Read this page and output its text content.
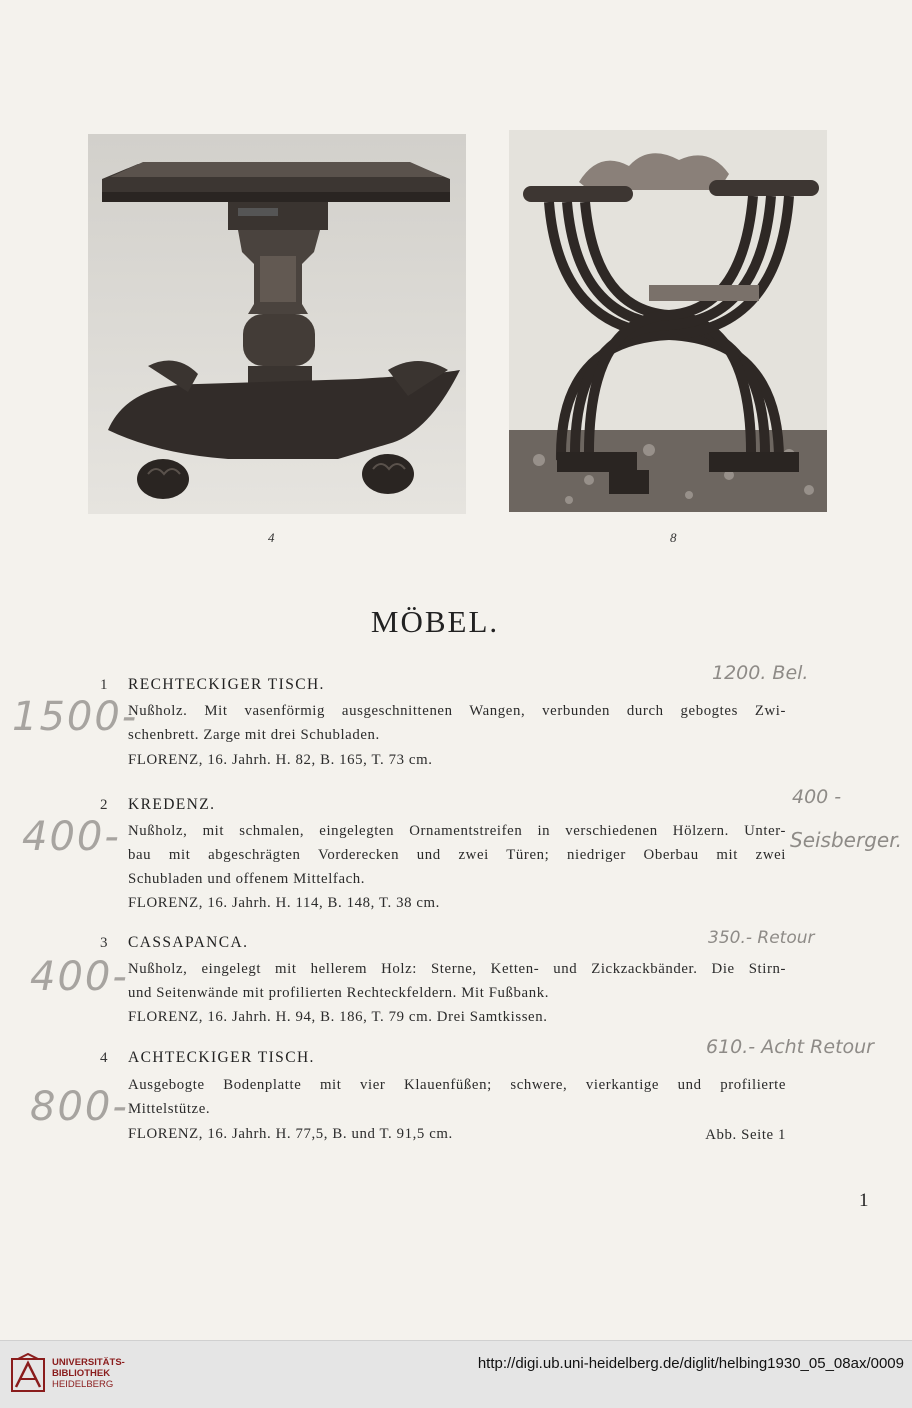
4	8
MÖBEL.
1 RECHTECKIGER TISCH.
Nußholz. Mit vasenförmig ausgeschnittenen Wangen, verbunden durch gebogtes Zwi-
schenbrett. Zarge mit drei Schubladen.
FLORENZ, 16. Jahrh. H. 82, B. 165, T. 73 cm.
1500-
1200. Bel.
2 KREDENZ.
Nußholz, mit schmalen, eingelegten Ornamentstreifen in verschiedenen Hölzern. Unter-
bau mit abgeschrägten Vorderecken und zwei Türen; niedriger Oberbau mit zwei
Schubladen und offenem Mittelfach.
FLORENZ, 16. Jahrh. H. 114, B. 148, T. 38 cm.
400-
400 -
Seisberger.
3 CASSAPANCA.
Nußholz, eingelegt mit hellerem Holz: Sterne, Ketten- und Zickzackbänder. Die Stirn-
und Seitenwände mit profilierten Rechteckfeldern. Mit Fußbank.
FLORENZ, 16. Jahrh. H. 94, B. 186, T. 79 cm. Drei Samtkissen.
400-
350.- Retour
4 ACHTECKIGER TISCH.
Ausgebogte Bodenplatte mit vier Klauenfüßen; schwere, vierkantige und profilierte
Mittelstütze.
FLORENZ, 16. Jahrh. H. 77,5, B. und T. 91,5 cm.	Abb. Seite 1
800-
610.- Acht Retour
1
UNIVERSITÄTS-
BIBLIOTHEK
HEIDELBERG
http://digi.ub.uni-heidelberg.de/diglit/helbing1930_05_08ax/0009
